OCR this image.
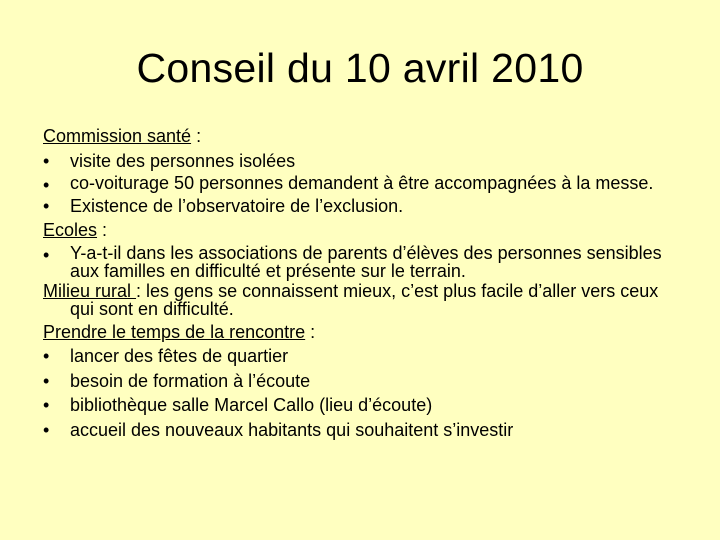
Conseil du 10 avril 2010
Commission santé :
• visite des personnes isolées
• co-voiturage 50 personnes demandent à être accompagnées à la messe.
• Existence de l’observatoire de l’exclusion.
Ecoles :
• Y-a-t-il dans les associations de parents d’élèves des personnes sensibles aux familles en difficulté et présente sur le terrain.
Milieu rural : les gens se connaissent mieux, c’est plus facile d’aller vers ceux qui sont en difficulté.
Prendre le temps de la rencontre :
• lancer des fêtes de quartier
• besoin de formation à l’écoute
• bibliothèque salle Marcel Callo (lieu d’écoute)
• accueil des nouveaux habitants qui souhaitent s’investir
